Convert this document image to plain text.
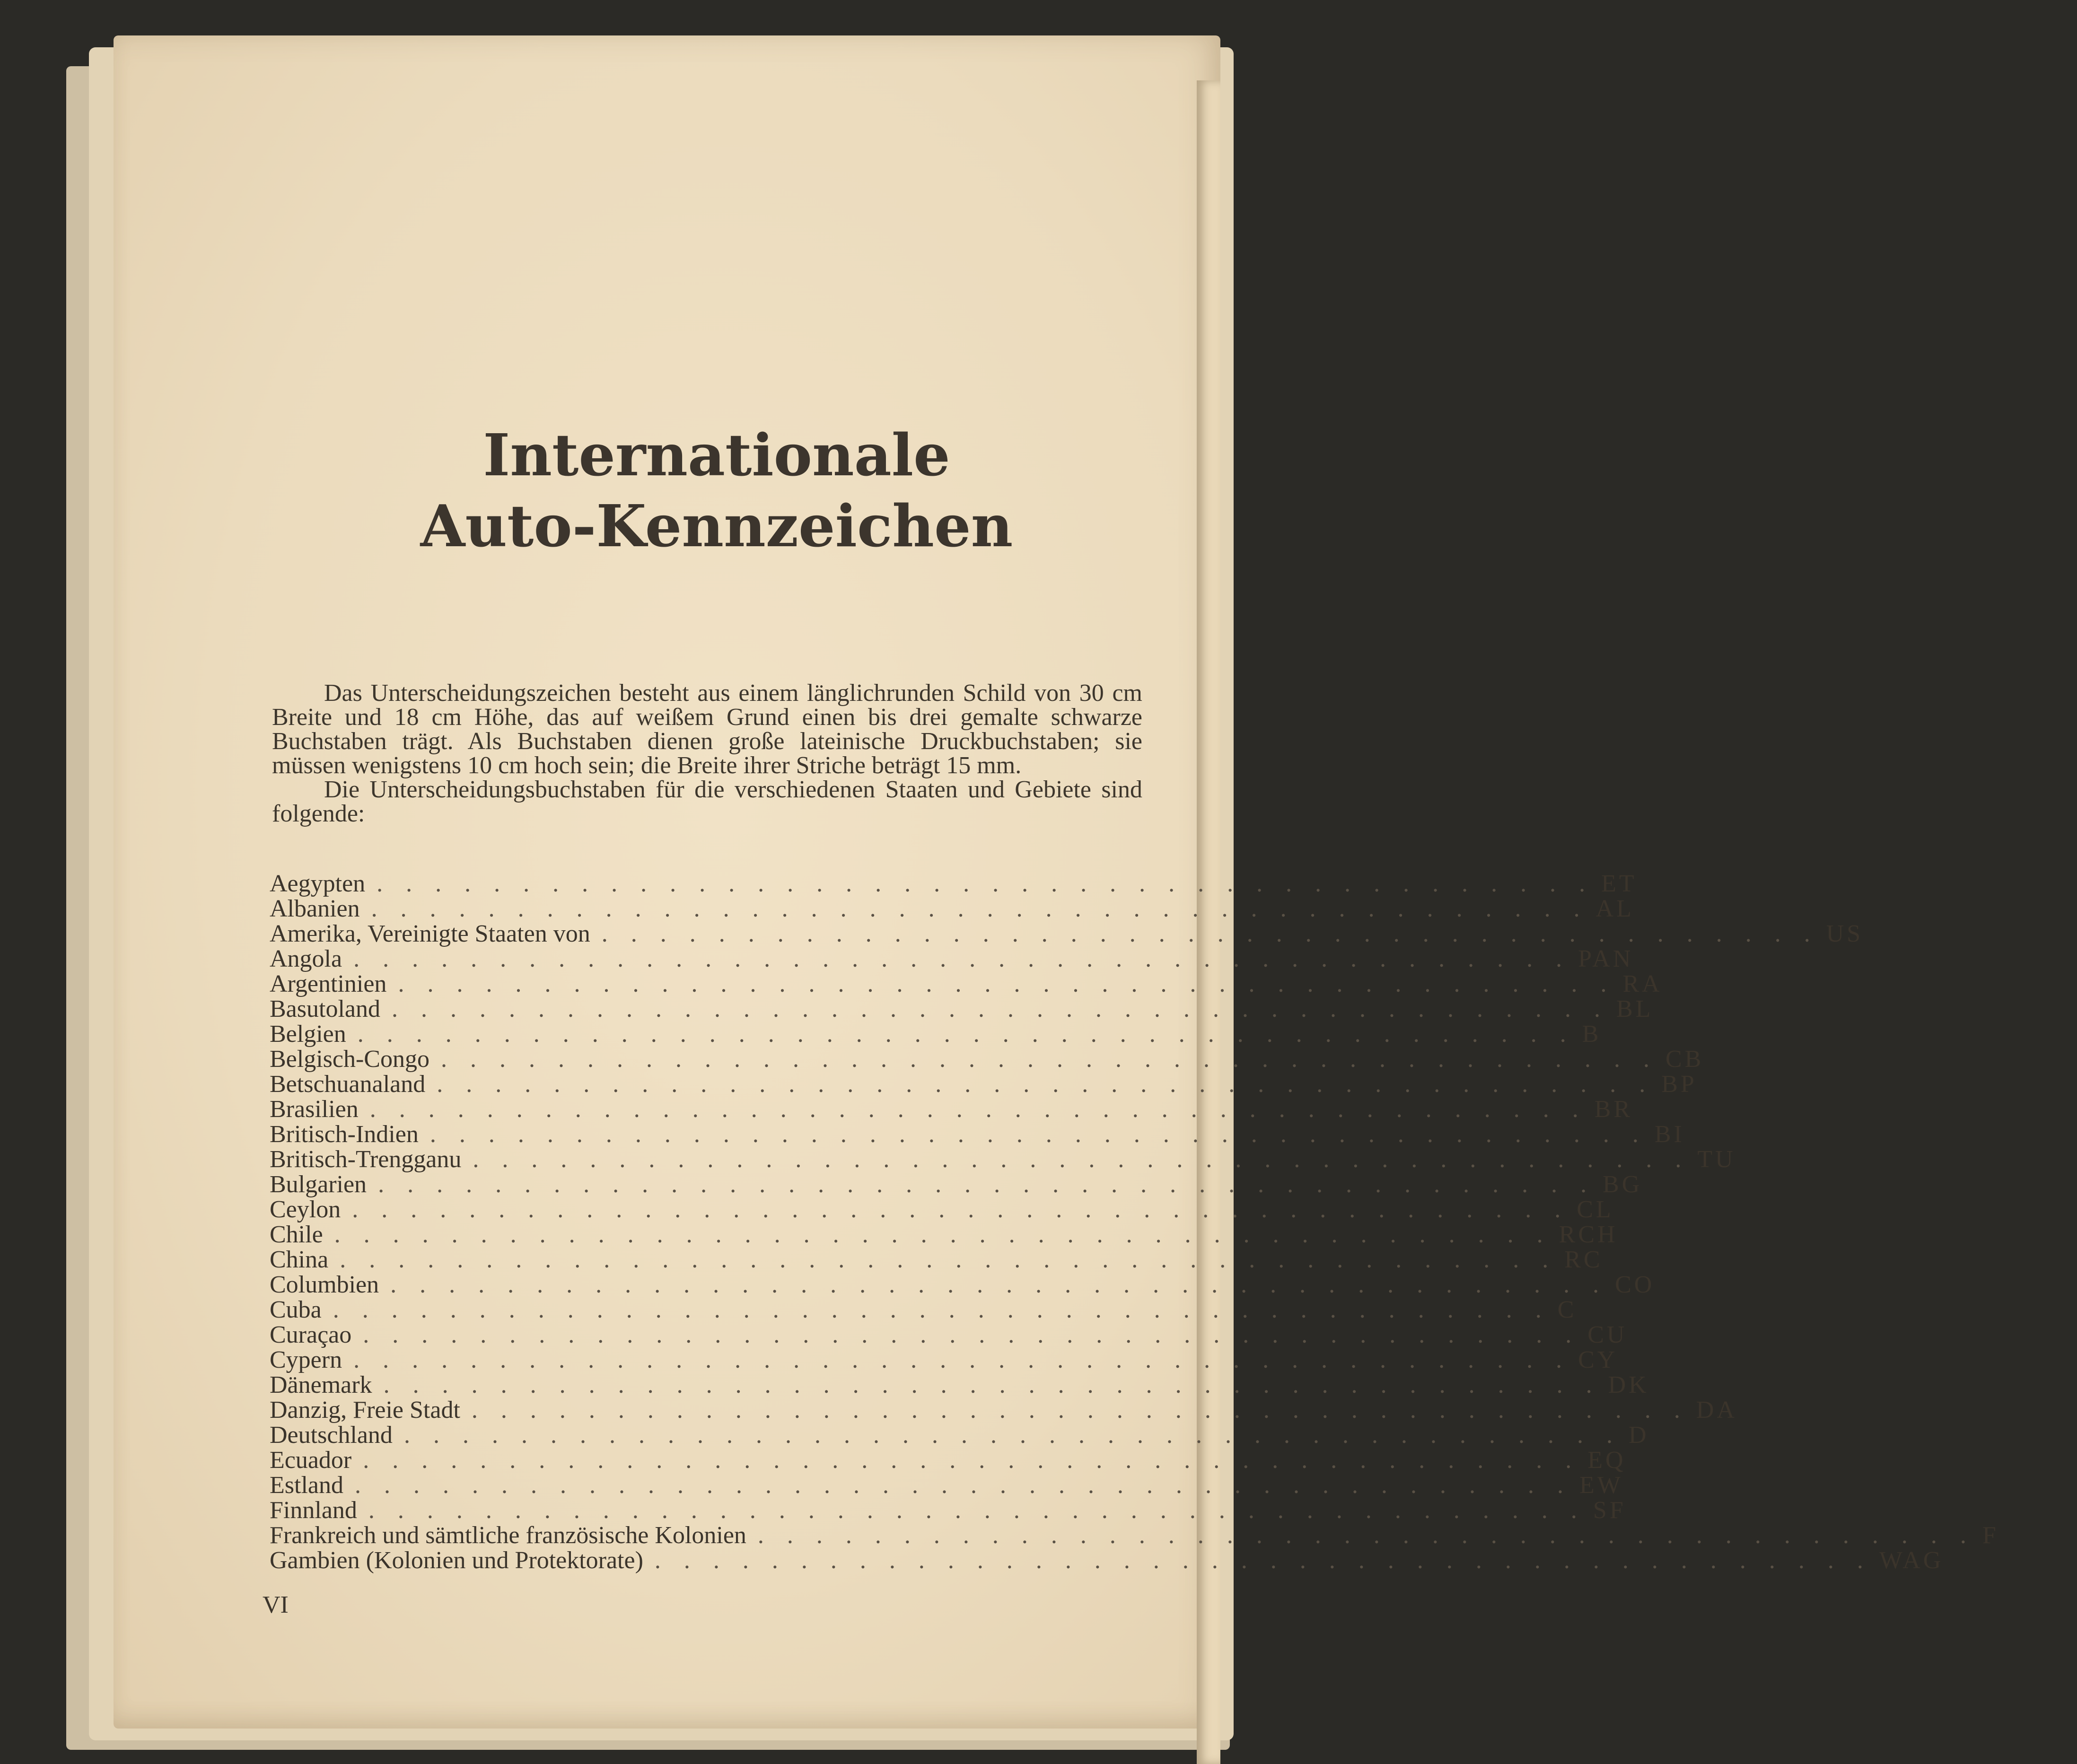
Internationale
Auto-Kennzeichen

Das Unterscheidungszeichen besteht aus einem länglichrunden Schild von 30 cm Breite und 18 cm Höhe, das auf weißem Grund einen bis drei gemalte schwarze Buchstaben trägt. Als Buchstaben dienen große lateinische Druckbuchstaben; sie müssen wenigstens 10 cm hoch sein; die Breite ihrer Striche beträgt 15 mm.

Die Unterscheidungsbuchstaben für die verschiedenen Staaten und Gebiete sind folgende:

Aegypten . . . . . . . . . . . . . . . . . . . . . . . . . . . . . . . . . . . . . . . . . . ET
Albanien . . . . . . . . . . . . . . . . . . . . . . . . . . . . . . . . . . . . . . . . . . AL
Amerika, Vereinigte Staaten von . . . . . . . . . . . . . . . . . . . . . . . . . . . . . . . . . . . . . . . . . . US
Angola . . . . . . . . . . . . . . . . . . . . . . . . . . . . . . . . . . . . . . . . . . PAN
Argentinien . . . . . . . . . . . . . . . . . . . . . . . . . . . . . . . . . . . . . . . . . . RA
Basutoland . . . . . . . . . . . . . . . . . . . . . . . . . . . . . . . . . . . . . . . . . . BL
Belgien . . . . . . . . . . . . . . . . . . . . . . . . . . . . . . . . . . . . . . . . . . B
Belgisch-Congo . . . . . . . . . . . . . . . . . . . . . . . . . . . . . . . . . . . . . . . . . . CB
Betschuanaland . . . . . . . . . . . . . . . . . . . . . . . . . . . . . . . . . . . . . . . . . . BP
Brasilien . . . . . . . . . . . . . . . . . . . . . . . . . . . . . . . . . . . . . . . . . . BR
Britisch-Indien . . . . . . . . . . . . . . . . . . . . . . . . . . . . . . . . . . . . . . . . . . BI
Britisch-Trengganu . . . . . . . . . . . . . . . . . . . . . . . . . . . . . . . . . . . . . . . . . . TU
Bulgarien . . . . . . . . . . . . . . . . . . . . . . . . . . . . . . . . . . . . . . . . . . BG
Ceylon . . . . . . . . . . . . . . . . . . . . . . . . . . . . . . . . . . . . . . . . . . CL
Chile . . . . . . . . . . . . . . . . . . . . . . . . . . . . . . . . . . . . . . . . . . RCH
China . . . . . . . . . . . . . . . . . . . . . . . . . . . . . . . . . . . . . . . . . . RC
Columbien . . . . . . . . . . . . . . . . . . . . . . . . . . . . . . . . . . . . . . . . . . CO
Cuba . . . . . . . . . . . . . . . . . . . . . . . . . . . . . . . . . . . . . . . . . . C
Curaçao . . . . . . . . . . . . . . . . . . . . . . . . . . . . . . . . . . . . . . . . . . CU
Cypern . . . . . . . . . . . . . . . . . . . . . . . . . . . . . . . . . . . . . . . . . . CY
Dänemark . . . . . . . . . . . . . . . . . . . . . . . . . . . . . . . . . . . . . . . . . . DK
Danzig, Freie Stadt . . . . . . . . . . . . . . . . . . . . . . . . . . . . . . . . . . . . . . . . . . DA
Deutschland . . . . . . . . . . . . . . . . . . . . . . . . . . . . . . . . . . . . . . . . . . D
Ecuador . . . . . . . . . . . . . . . . . . . . . . . . . . . . . . . . . . . . . . . . . . EQ
Estland . . . . . . . . . . . . . . . . . . . . . . . . . . . . . . . . . . . . . . . . . . EW
Finnland . . . . . . . . . . . . . . . . . . . . . . . . . . . . . . . . . . . . . . . . . . SF
Frankreich und sämtliche französische Kolonien . . . . . . . . . . . . . . . . . . . . . . . . . . . . . . . . . . . . . . . . . . F
Gambien (Kolonien und Protektorate) . . . . . . . . . . . . . . . . . . . . . . . . . . . . . . . . . . . . . . . . . . WAG
VI
